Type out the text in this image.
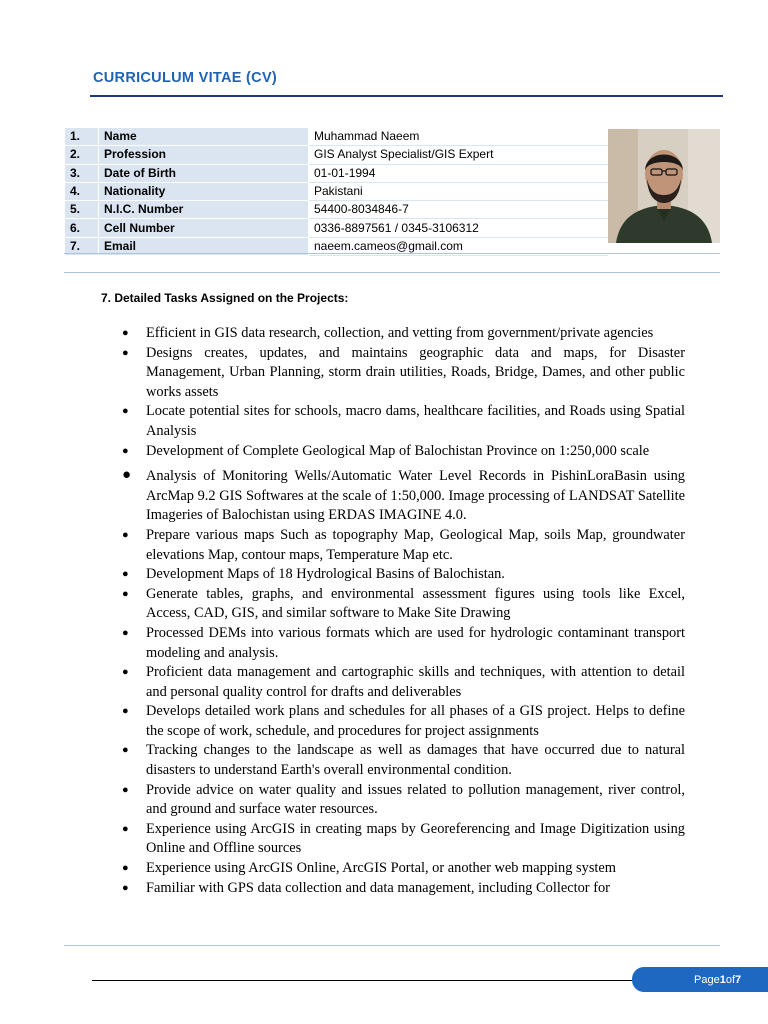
CURRICULUM VITAE (CV)
1.	Name	Muhammad Naeem
2.	Profession	GIS Analyst Specialist/GIS Expert
3.	Date of Birth	01-01-1994
4.	Nationality	Pakistani
5.	N.I.C. Number	54400-8034846-7
6.	Cell Number	0336-8897561 / 0345-3106312
7.	Email	naeem.cameos@gmail.com
7. Detailed Tasks Assigned on the Projects:
● Efficient in GIS data research, collection, and vetting from government/private agencies
● Designs creates, updates, and maintains geographic data and maps, for Disaster Management, Urban Planning, storm drain utilities, Roads, Bridge, Dames, and other public works assets
● Locate potential sites for schools, macro dams, healthcare facilities, and Roads using Spatial Analysis
● Development of Complete Geological Map of Balochistan Province on 1:250,000 scale
● Analysis of Monitoring Wells/Automatic Water Level Records in PishinLoraBasin using ArcMap 9.2 GIS Softwares at the scale of 1:50,000. Image processing of LANDSAT Satellite Imageries of Balochistan using ERDAS IMAGINE 4.0.
● Prepare various maps Such as topography Map, Geological Map, soils Map, groundwater elevations Map, contour maps, Temperature Map etc.
● Development Maps of 18 Hydrological Basins of Balochistan.
● Generate tables, graphs, and environmental assessment figures using tools like Excel, Access, CAD, GIS, and similar software to Make Site Drawing
● Processed DEMs into various formats which are used for hydrologic contaminant transport modeling and analysis.
● Proficient data management and cartographic skills and techniques, with attention to detail and personal quality control for drafts and deliverables
● Develops detailed work plans and schedules for all phases of a GIS project. Helps to define the scope of work, schedule, and procedures for project assignments
● Tracking changes to the landscape as well as damages that have occurred due to natural disasters to understand Earth's overall environmental condition.
● Provide advice on water quality and issues related to pollution management, river control, and ground and surface water resources.
● Experience using ArcGIS in creating maps by Georeferencing and Image Digitization using Online and Offline sources
● Experience using ArcGIS Online, ArcGIS Portal, or another web mapping system
● Familiar with GPS data collection and data management, including Collector for
Page 1 of 7
